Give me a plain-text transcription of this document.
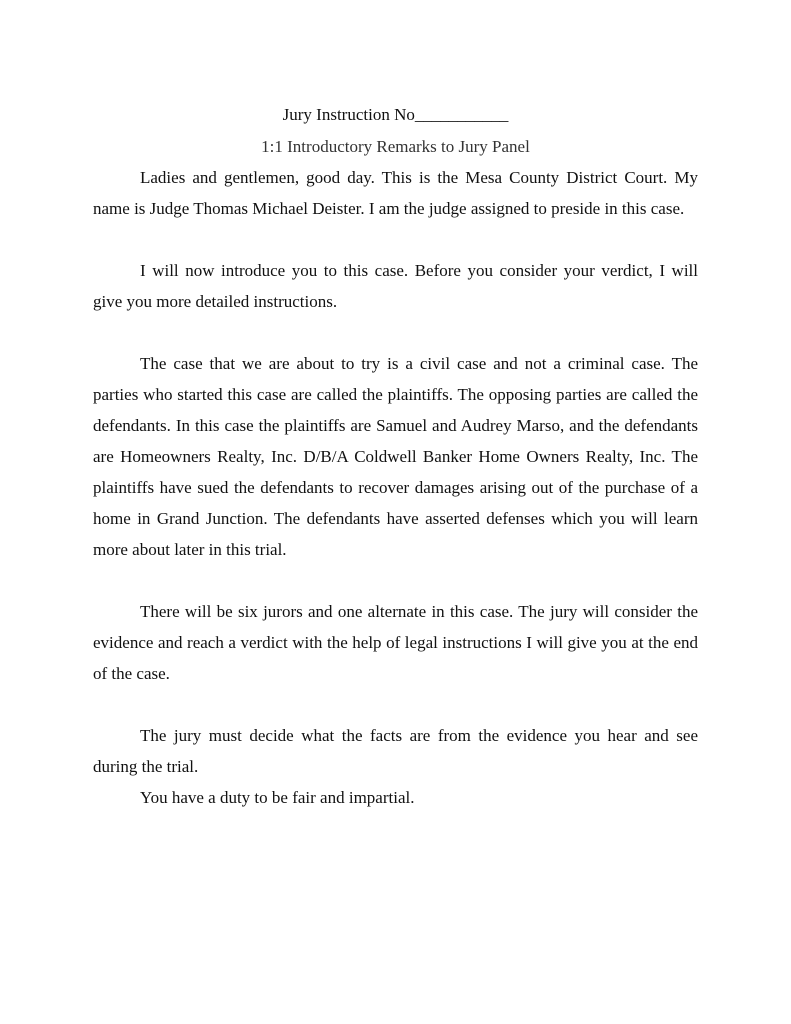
Jury Instruction No___________

1:1 Introductory Remarks to Jury Panel

Ladies and gentlemen, good day. This is the Mesa County District Court. My name is Judge Thomas Michael Deister. I am the judge assigned to preside in this case.

I will now introduce you to this case. Before you consider your verdict, I will give you more detailed instructions.

The case that we are about to try is a civil case and not a criminal case. The parties who started this case are called the plaintiffs. The opposing parties are called the defendants. In this case the plaintiffs are Samuel and Audrey Marso, and the defendants are Homeowners Realty, Inc. D/B/A Coldwell Banker Home Owners Realty, Inc. The plaintiffs have sued the defendants to recover damages arising out of the purchase of a home in Grand Junction. The defendants have asserted defenses which you will learn more about later in this trial.

There will be six jurors and one alternate in this case. The jury will consider the evidence and reach a verdict with the help of legal instructions I will give you at the end of the case.

The jury must decide what the facts are from the evidence you hear and see during the trial.

You have a duty to be fair and impartial.
